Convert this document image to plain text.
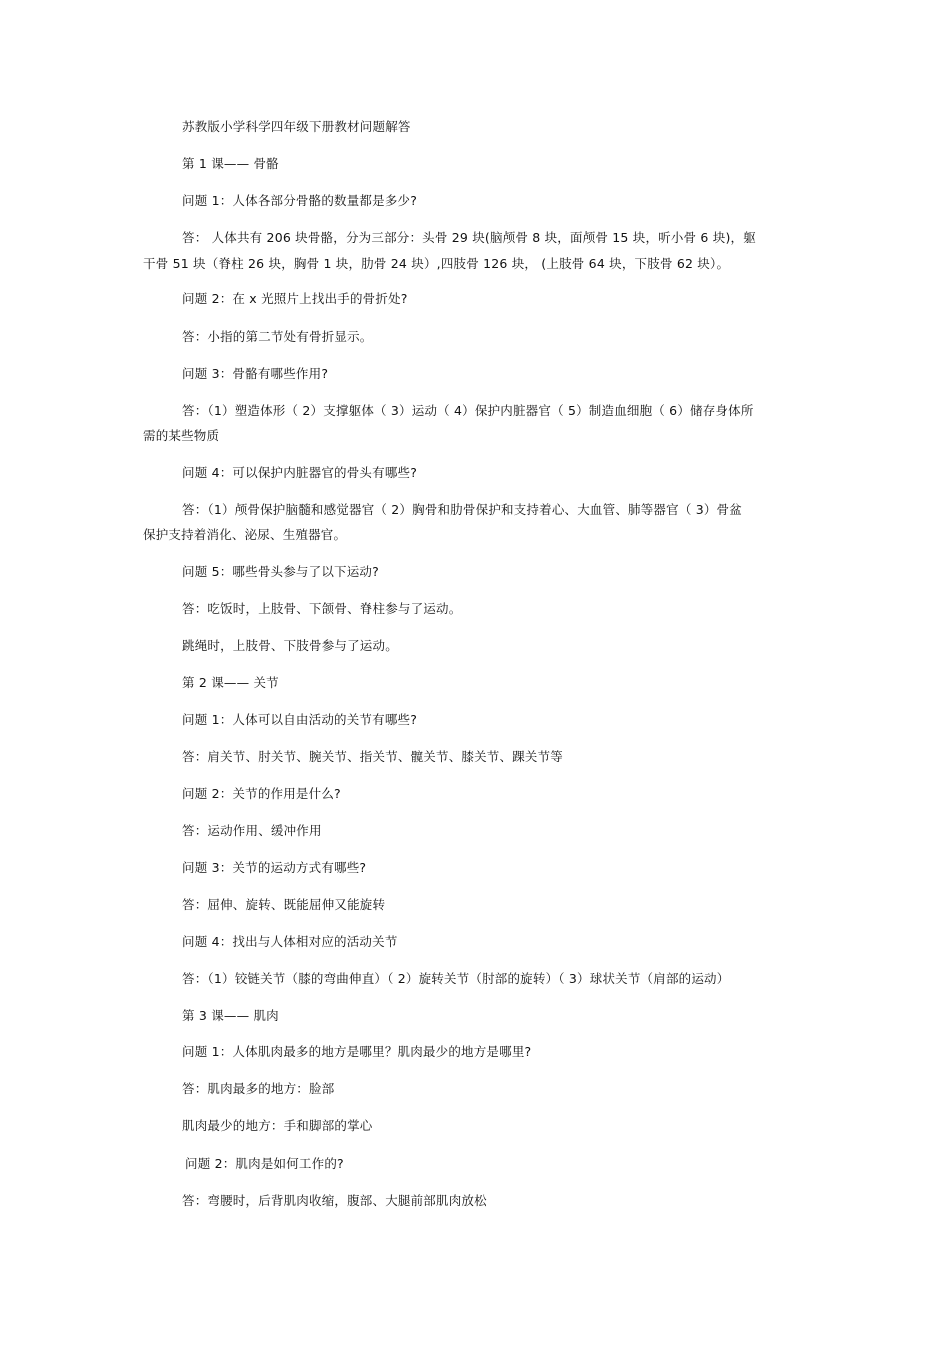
苏教版小学科学四年级下册教材问题解答
第 1 课—— 骨骼
问题 1：人体各部分骨骼的数量都是多少?
答： 人体共有 206 块骨骼，分为三部分：头骨 29 块(脑颅骨 8 块，面颅骨 15 块，听小骨 6 块)，躯
干骨 51 块（脊柱 26 块，胸骨 1 块，肋骨 24 块）,四肢骨 126 块， (上肢骨 64 块，下肢骨 62 块）。
问题 2：在 x 光照片上找出手的骨折处?
答：小指的第二节处有骨折显示。
问题 3：骨骼有哪些作用?
答：（1）塑造体形（ 2）支撑躯体（ 3）运动（ 4）保护内脏器官（ 5）制造血细胞（ 6）储存身体所
需的某些物质
问题 4：可以保护内脏器官的骨头有哪些?
答：（1）颅骨保护脑髓和感觉器官（ 2）胸骨和肋骨保护和支持着心、大血管、肺等器官（ 3）骨盆
保护支持着消化、泌尿、生殖器官。
问题 5：哪些骨头参与了以下运动?
答：吃饭时，上肢骨、下颌骨、脊柱参与了运动。
跳绳时，上肢骨、下肢骨参与了运动。
第 2 课—— 关节
问题 1：人体可以自由活动的关节有哪些?
答：肩关节、肘关节、腕关节、指关节、髋关节、膝关节、踝关节等
问题 2：关节的作用是什么?
答：运动作用、缓冲作用
问题 3：关节的运动方式有哪些?
答：屈伸、旋转、既能屈伸又能旋转
问题 4：找出与人体相对应的活动关节
答：（1）铰链关节（膝的弯曲伸直）（ 2）旋转关节（肘部的旋转）（ 3）球状关节（肩部的运动）
第 3 课—— 肌肉
问题 1：人体肌肉最多的地方是哪里？肌肉最少的地方是哪里?
答：肌肉最多的地方：脸部
肌肉最少的地方：手和脚部的掌心
问题 2：肌肉是如何工作的?
答：弯腰时，后背肌肉收缩，腹部、大腿前部肌肉放松
